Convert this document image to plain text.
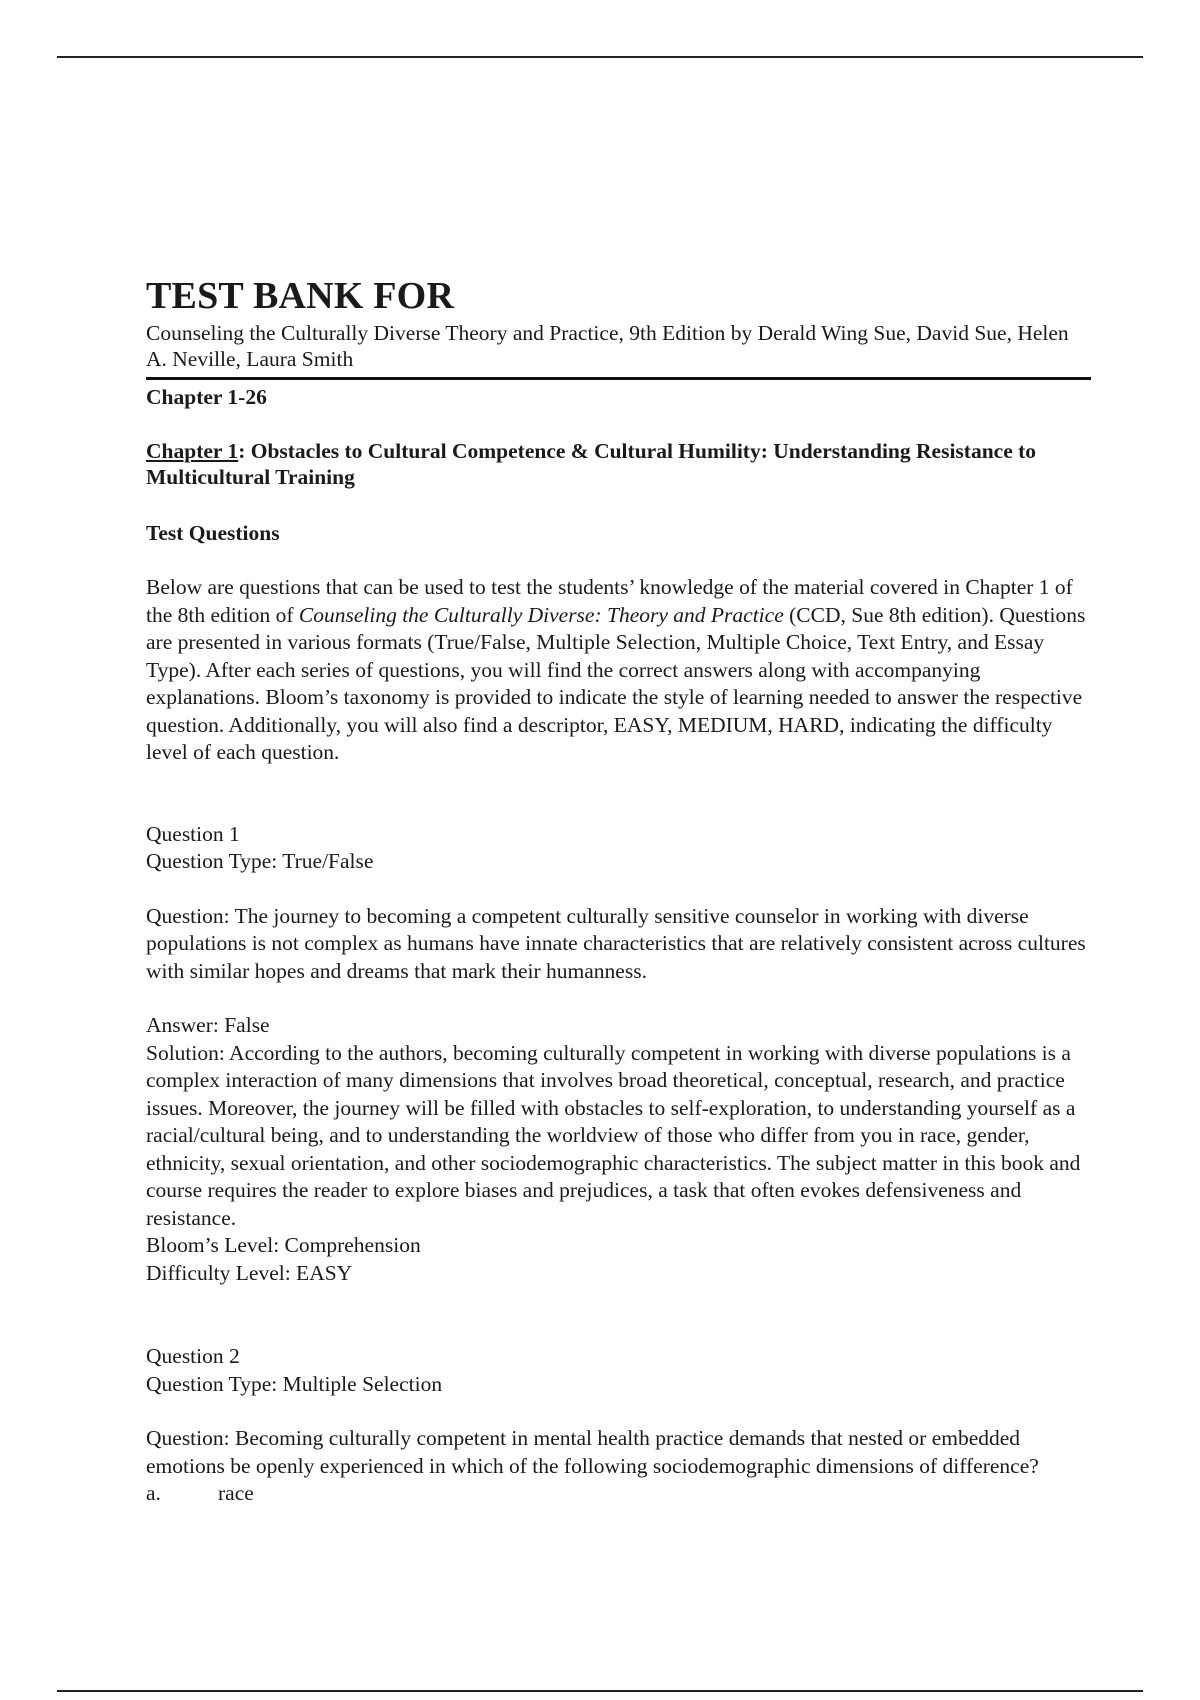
TEST BANK FOR

Counseling the Culturally Diverse Theory and Practice, 9th Edition by Derald Wing Sue, David Sue, Helen A. Neville, Laura Smith

Chapter 1-26

Chapter 1: Obstacles to Cultural Competence & Cultural Humility: Understanding Resistance to Multicultural Training

Test Questions

Below are questions that can be used to test the students’ knowledge of the material covered in Chapter 1 of the 8th edition of Counseling the Culturally Diverse: Theory and Practice (CCD, Sue 8th edition). Questions are presented in various formats (True/False, Multiple Selection, Multiple Choice, Text Entry, and Essay Type). After each series of questions, you will find the correct answers along with accompanying explanations. Bloom’s taxonomy is provided to indicate the style of learning needed to answer the respective question. Additionally, you will also find a descriptor, EASY, MEDIUM, HARD, indicating the difficulty level of each question.

Question 1

Question Type: True/False

Question: The journey to becoming a competent culturally sensitive counselor in working with diverse populations is not complex as humans have innate characteristics that are relatively consistent across cultures with similar hopes and dreams that mark their humanness.

Answer: False

Solution: According to the authors, becoming culturally competent in working with diverse populations is a complex interaction of many dimensions that involves broad theoretical, conceptual, research, and practice issues. Moreover, the journey will be filled with obstacles to self-exploration, to understanding yourself as a racial/cultural being, and to understanding the worldview of those who differ from you in race, gender, ethnicity, sexual orientation, and other sociodemographic characteristics. The subject matter in this book and course requires the reader to explore biases and prejudices, a task that often evokes defensiveness and resistance.

Bloom’s Level: Comprehension

Difficulty Level: EASY

Question 2

Question Type: Multiple Selection

Question: Becoming culturally competent in mental health practice demands that nested or embedded emotions be openly experienced in which of the following sociodemographic dimensions of difference?

a.	race
